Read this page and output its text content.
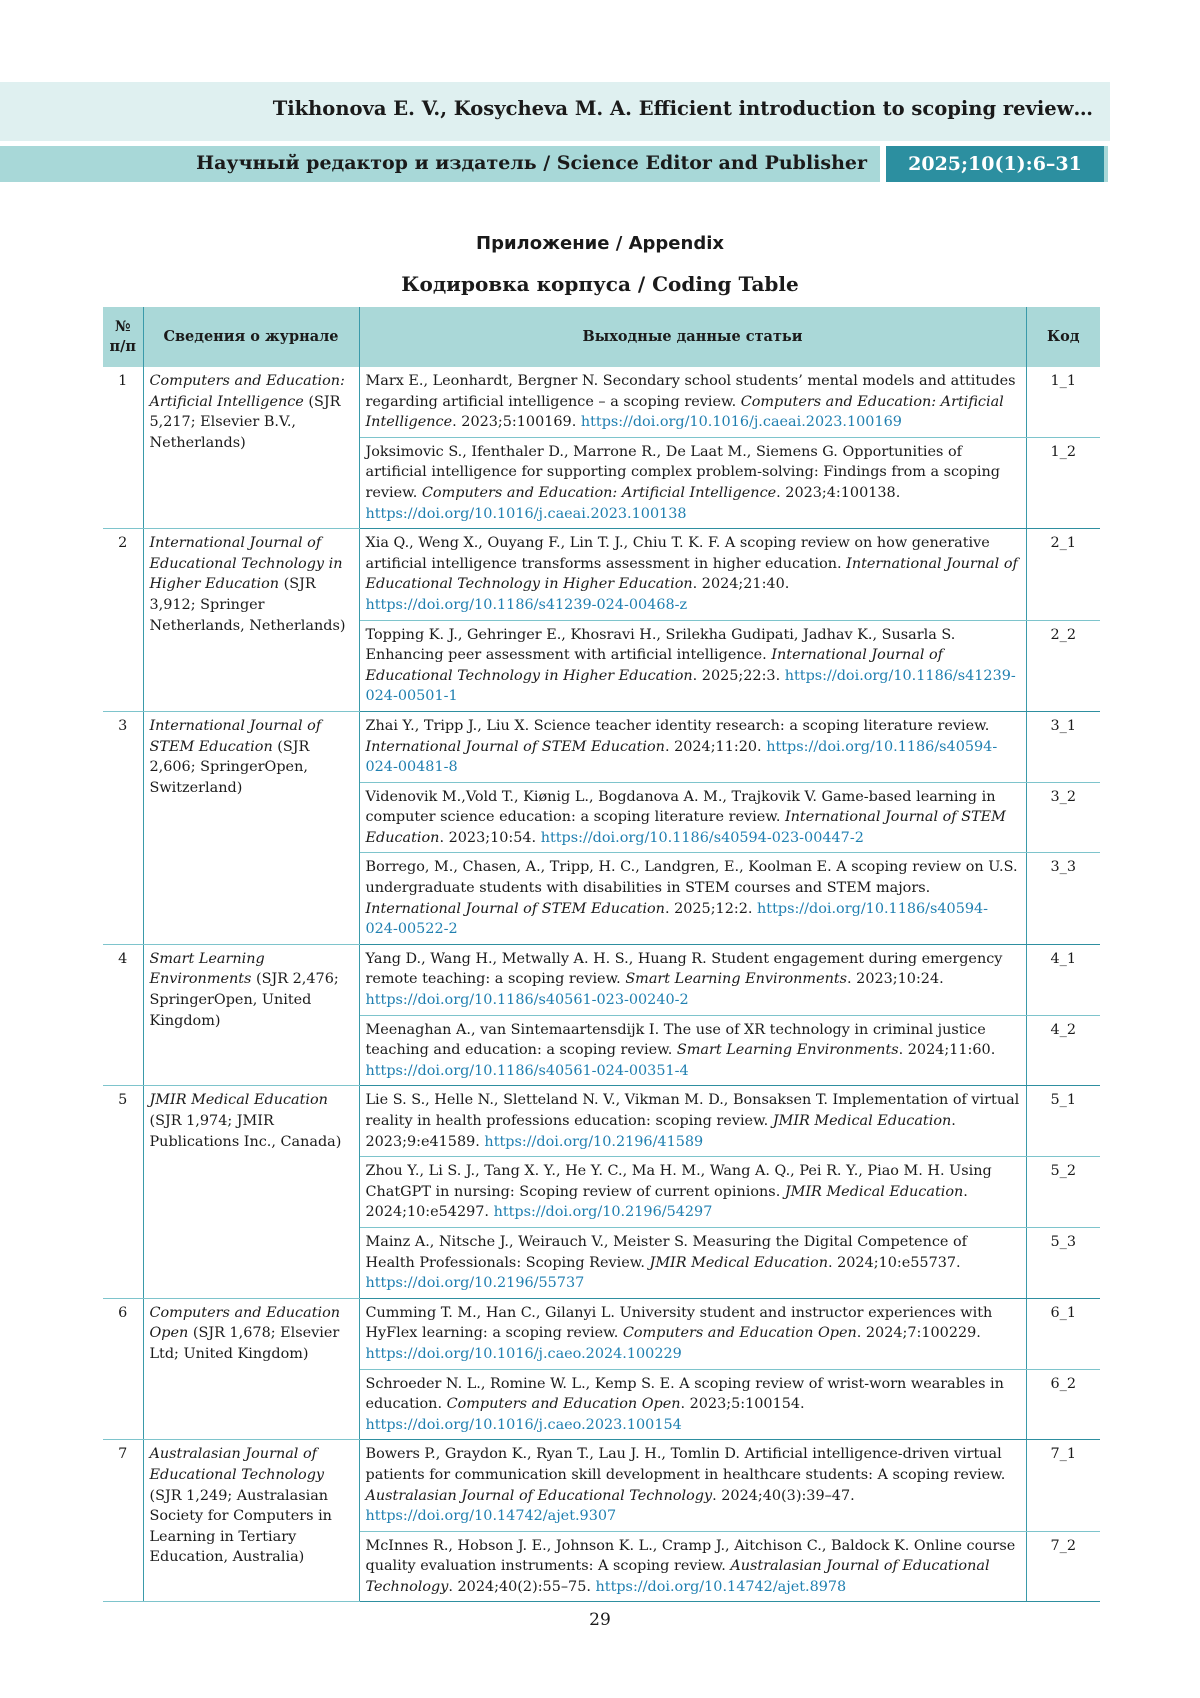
Tikhonova E. V., Kosycheva M. A. Efficient introduction to scoping review…
Научный редактор и издатель / Science Editor and Publisher	2025;10(1):6–31
Приложение / Appendix
Кодировка корпуса / Coding Table
№ п/п	Сведения о журнале	Выходные данные статьи	Код
1	Computers and Education: Artificial Intelligence (SJR 5,217; Elsevier B.V., Netherlands)	Marx E., Leonhardt, Bergner N. Secondary school students’ mental models and attitudes regarding artificial intelligence – a scoping review. Computers and Education: Artificial Intelligence. 2023;5:100169. https://doi.org/10.1016/j.caeai.2023.100169	1_1
Joksimovic S., Ifenthaler D., Marrone R., De Laat M., Siemens G. Opportunities of artificial intelligence for supporting complex problem-solving: Findings from a scoping review. Computers and Education: Artificial Intelligence. 2023;4:100138. https://doi.org/10.1016/j.caeai.2023.100138	1_2
2	International Journal of Educational Technology in Higher Education (SJR 3,912; Springer Netherlands, Netherlands)	Xia Q., Weng X., Ouyang F., Lin T. J., Chiu T. K. F. A scoping review on how generative artificial intelligence transforms assessment in higher education. International Journal of Educational Technology in Higher Education. 2024;21:40. https://doi.org/10.1186/s41239-024-00468-z	2_1
Topping K. J., Gehringer E., Khosravi H., Srilekha Gudipati, Jadhav K., Susarla S. Enhancing peer assessment with artificial intelligence. International Journal of Educational Technology in Higher Education. 2025;22:3. https://doi.org/10.1186/s41239-024-00501-1	2_2
3	International Journal of STEM Education (SJR 2,606; SpringerOpen, Switzerland)	Zhai Y., Tripp J., Liu X. Science teacher identity research: a scoping literature review. International Journal of STEM Education. 2024;11:20. https://doi.org/10.1186/s40594-024-00481-8	3_1
Videnovik M.,Vold T., Kiønig L., Bogdanova A. M., Trajkovik V. Game-based learning in computer science education: a scoping literature review. International Journal of STEM Education. 2023;10:54. https://doi.org/10.1186/s40594-023-00447-2	3_2
Borrego, M., Chasen, A., Tripp, H. C., Landgren, E., Koolman E. A scoping review on U.S. undergraduate students with disabilities in STEM courses and STEM majors. International Journal of STEM Education. 2025;12:2. https://doi.org/10.1186/s40594-024-00522-2	3_3
4	Smart Learning Environments (SJR 2,476; SpringerOpen, United Kingdom)	Yang D., Wang H., Metwally A. H. S., Huang R. Student engagement during emergency remote teaching: a scoping review. Smart Learning Environments. 2023;10:24. https://doi.org/10.1186/s40561-023-00240-2	4_1
Meenaghan A., van Sintemaartensdijk I. The use of XR technology in criminal justice teaching and education: a scoping review. Smart Learning Environments. 2024;11:60. https://doi.org/10.1186/s40561-024-00351-4	4_2
5	JMIR Medical Education (SJR 1,974; JMIR Publications Inc., Canada)	Lie S. S., Helle N., Sletteland N. V., Vikman M. D., Bonsaksen T. Implementation of virtual reality in health professions education: scoping review. JMIR Medical Education. 2023;9:e41589. https://doi.org/10.2196/41589	5_1
Zhou Y., Li S. J., Tang X. Y., He Y. C., Ma H. M., Wang A. Q., Pei R. Y., Piao M. H. Using ChatGPT in nursing: Scoping review of current opinions. JMIR Medical Education. 2024;10:e54297. https://doi.org/10.2196/54297	5_2
Mainz A., Nitsche J., Weirauch V., Meister S. Measuring the Digital Competence of Health Professionals: Scoping Review. JMIR Medical Education. 2024;10:e55737. https://doi.org/10.2196/55737	5_3
6	Computers and Education Open (SJR 1,678; Elsevier Ltd; United Kingdom)	Cumming T. M., Han C., Gilanyi L. University student and instructor experiences with HyFlex learning: a scoping review. Computers and Education Open. 2024;7:100229. https://doi.org/10.1016/j.caeo.2024.100229	6_1
Schroeder N. L., Romine W. L., Kemp S. E. A scoping review of wrist-worn wearables in education. Computers and Education Open. 2023;5:100154. https://doi.org/10.1016/j.caeo.2023.100154	6_2
7	Australasian Journal of Educational Technology (SJR 1,249; Australasian Society for Computers in Learning in Tertiary Education, Australia)	Bowers P., Graydon K., Ryan T., Lau J. H., Tomlin D. Artificial intelligence-driven virtual patients for communication skill development in healthcare students: A scoping review. Australasian Journal of Educational Technology. 2024;40(3):39–47. https://doi.org/10.14742/ajet.9307	7_1
McInnes R., Hobson J. E., Johnson K. L., Cramp J., Aitchison C., Baldock K. Online course quality evaluation instruments: A scoping review. Australasian Journal of Educational Technology. 2024;40(2):55–75. https://doi.org/10.14742/ajet.8978	7_2
29
